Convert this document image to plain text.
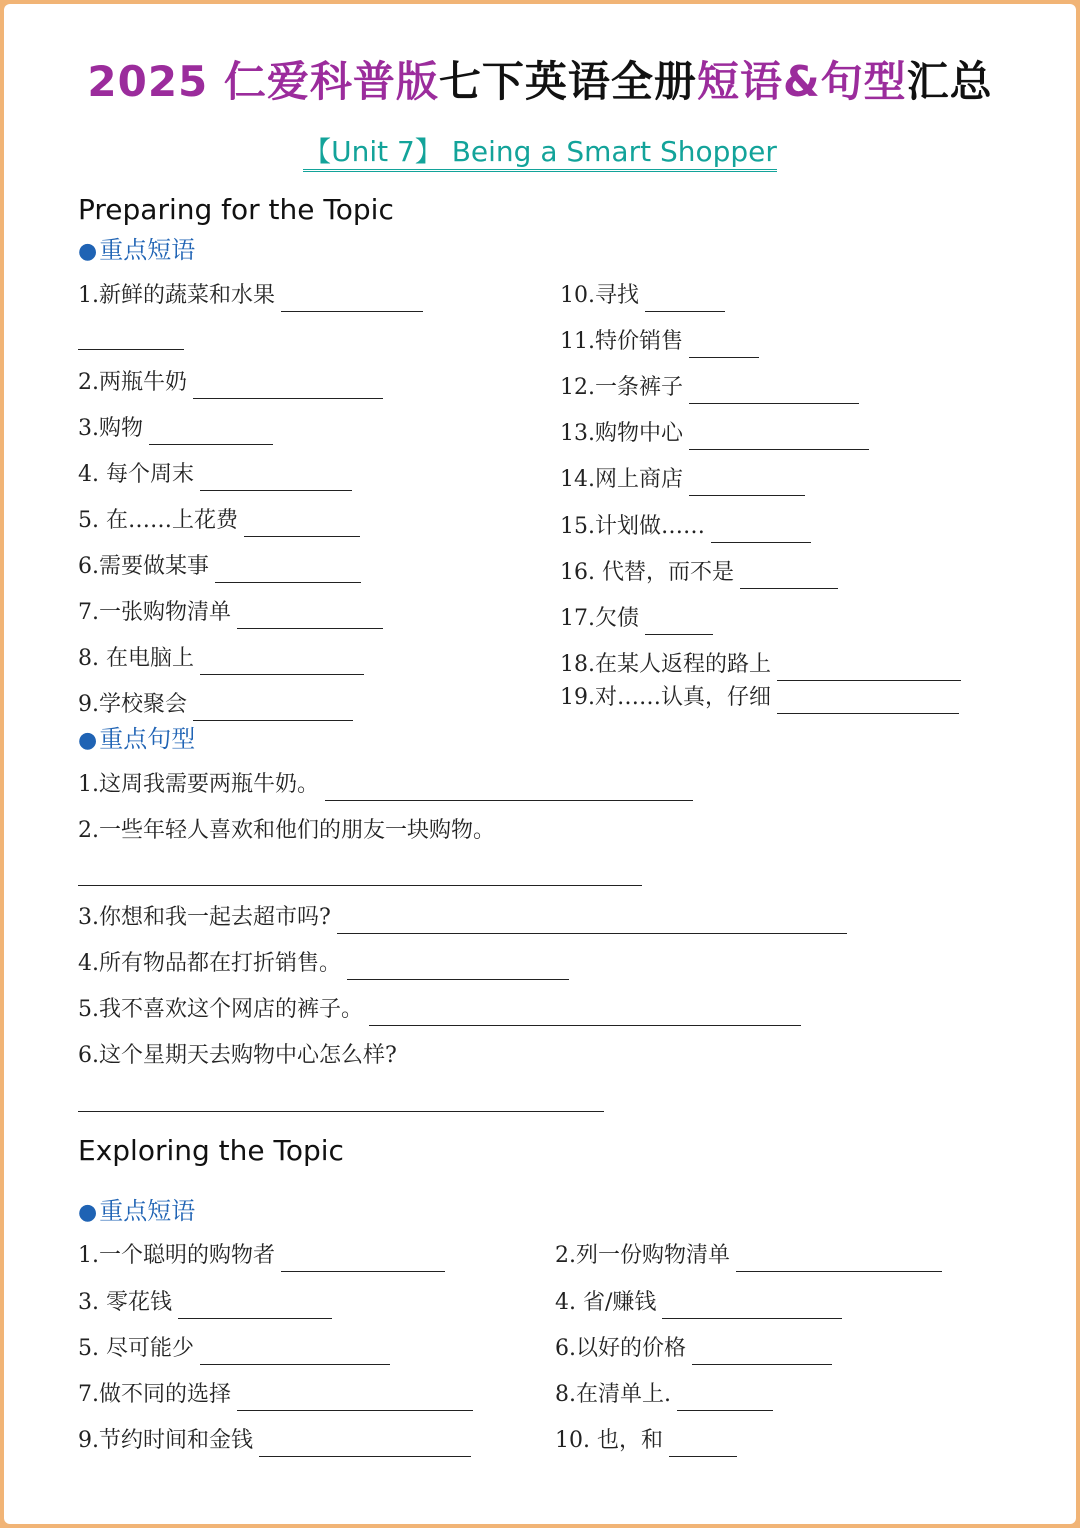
2025 仁爱科普版七下英语全册短语&句型汇总
【Unit 7】 Being a Smart Shopper
Preparing for the Topic
●重点短语
1.新鲜的蔬菜和水果
2.两瓶牛奶
3.购物
4. 每个周末
5. 在……上花费
6.需要做某事
7.一张购物清单
8. 在电脑上
9.学校聚会
10.寻找
11.特价销售
12.一条裤子
13.购物中心
14.网上商店
15.计划做……
16. 代替，而不是
17.欠债
18.在某人返程的路上
19.对……认真，仔细
●重点句型
1.这周我需要两瓶牛奶。
2.一些年轻人喜欢和他们的朋友一块购物。
3.你想和我一起去超市吗?
4.所有物品都在打折销售。
5.我不喜欢这个网店的裤子。
6.这个星期天去购物中心怎么样?
Exploring the Topic
●重点短语
1.一个聪明的购物者
3. 零花钱
5. 尽可能少
7.做不同的选择
9.节约时间和金钱
2.列一份购物清单
4. 省/赚钱
6.以好的价格
8.在清单上.
10. 也，和
